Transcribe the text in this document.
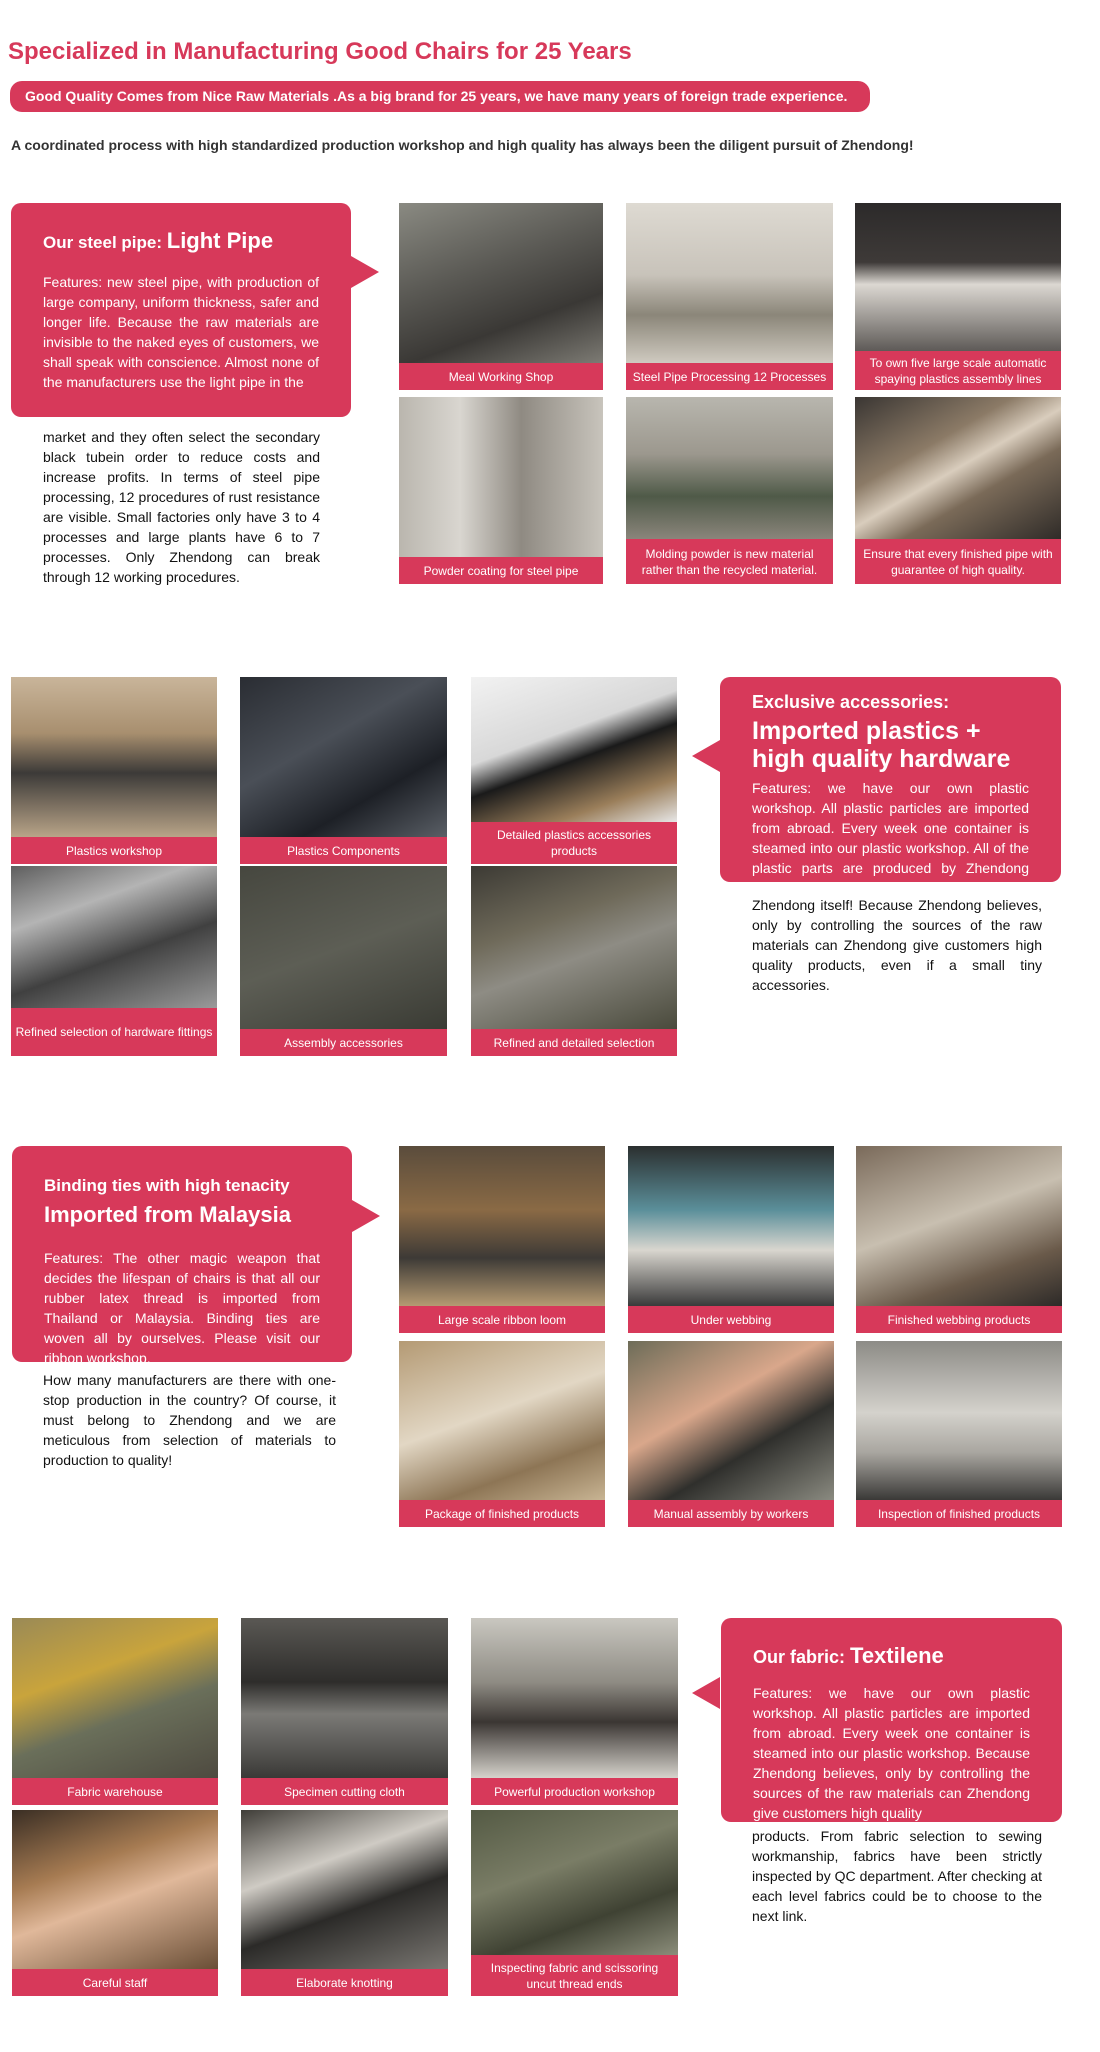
Specialized in Manufacturing Good Chairs for 25 Years
Good Quality Comes from Nice Raw Materials .As a big brand for 25 years, we have many years of foreign trade experience.
A coordinated process with high standardized production workshop and high quality has always been the diligent pursuit of Zhendong!
Our steel pipe: Light Pipe
Features: new steel pipe, with production of large company, uniform thickness, safer and longer life. Because the raw materials are invisible to the naked eyes of customers, we shall speak with conscience. Almost none of the manufacturers use the light pipe in the
market and they often select the secondary black tubein order to reduce costs and increase profits. In terms of steel pipe processing, 12 procedures of rust resistance are visible. Small factories only have 3 to 4 processes and large plants have 6 to 7 processes. Only Zhendong can break through 12 working procedures.
Meal Working Shop	Steel Pipe Processing 12 Processes
To own five large scale automatic spaying plastics assembly lines
Powder coating for steel pipe
Molding powder is new material rather than the recycled material.
Ensure that every finished pipe with guarantee of high quality.
Plastics workshop	Plastics Components
Detailed plastics accessories products
Refined selection of hardware fittings
Assembly accessories	Refined and detailed selection
Exclusive accessories:
Imported plastics +
high quality hardware
Features: we have our own plastic workshop. All plastic particles are imported from abroad. Every week one container is steamed into our plastic workshop. All of the plastic parts are produced by Zhendong formulation and by
Zhendong itself! Because Zhendong believes, only by controlling the sources of the raw materials can Zhendong give customers high quality products, even if a small tiny accessories.
Binding ties with high tenacity
Imported from Malaysia
Features: The other magic weapon that decides the lifespan of chairs is that all our rubber latex thread is imported from Thailand or Malaysia. Binding ties are woven all by ourselves. Please visit our ribbon workshop.
How many manufacturers are there with one-stop production in the country? Of course, it must belong to Zhendong and we are meticulous from selection of materials to production to quality!
Large scale ribbon loom	Under webbing	Finished webbing products
Package of finished products	Manual assembly by workers	Inspection of finished products
Fabric warehouse	Specimen cutting cloth	Powerful production workshop
Careful staff	Elaborate knotting
Inspecting fabric and scissoring uncut thread ends
Our fabric: Textilene
Features: we have our own plastic workshop. All plastic particles are imported from abroad. Every week one container is steamed into our plastic workshop. Because Zhendong believes, only by controlling the sources of the raw materials can Zhendong give customers high quality
products. From fabric selection to sewing workmanship, fabrics have been strictly inspected by QC department. After checking at each level fabrics could be to choose to the next link.
